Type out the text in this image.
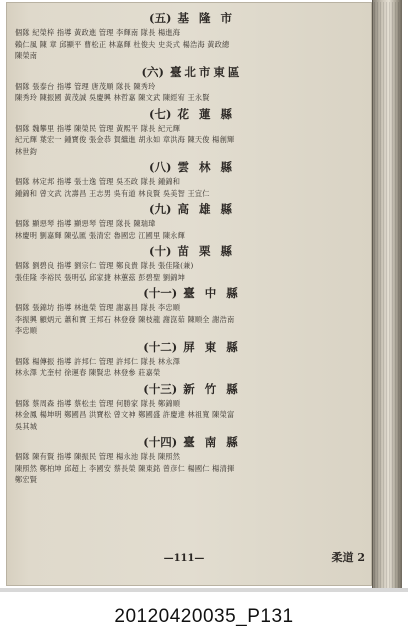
(五) 基 隆 市
個隊 紀榮梓 指導 黃政進 管理 李輝南 隊長 楊進海
賴仁風 陳 章 邱顯平 曹松正 林嘉輝 杜俊夫 史炎式 楊浩海 黃政總
陳榮南
(六) 臺北市東區
個隊 張泰台 指導 管理 唐茂順 隊長 陳秀玲
陳秀玲 陳振國 黃茂誠 吳慶興 林哲嘉 陳文武 陳經宥 王永賢
(七) 花 蓮 縣
個隊 魏攀里 指導 陳榮民 管理 黃熙平 隊長 紀元輝
紀元輝 葉宏一 鍾寶俊 張金恭 賀繼進 胡永如 章洪海 陳天俊 楊創輝
林世鈞
(八) 雲 林 縣
個隊 林定邦 指導 張士逸 管理 吳丕政 隊長 鍾錦和
鍾錦和 曾文武 沈壽昌 王志男 吳有道 林良賢 吳美智 王宜仁
(九) 高 雄 縣
個隊 顯惡琴 指導 顯惡琴 管理 隊長 陳瑞瑋
林慶明 劉嘉輝 陳弘匯 張清宏 魯國忠 江國里 陳永輝
(十) 苗 栗 縣
個隊 劉碧良 指導 劉宗仁 管理 鄭良貴 隊長 張佳隆(兼)
張佳隆 李裕民 張明弘 邱家捷 林蕙茲 彭碧聖 劉錦坤
(十一) 臺 中 縣
個隊 張錦坊 指導 林進榮 管理 謝嘉昌 隊長 李忠順
李振興 顧炳元 蕭和寶 王邦石 林登發 陳枝龍 謝崑茹 陳順全 謝浩南
李忠順
(十二) 屏 東 縣
個隊 楊傳振 指導 許邦仁 管理 許邦仁 隊長 林永澤
林永澤 尤奎村 徐運春 陳賢忠 林登參 莊嘉榮
(十三) 新 竹 縣
個隊 蔡周森 指導 蔡松圭 管理 何勝家 隊長 鄭錦順
林金鳳 楊坤明 鄭國昌 洪寶松 曾文神 鄭國盛 許慶達 林祖寬 陳榮富
吳其城
(十四) 臺 南 縣
個隊 陳有賢 指導 陳振民 管理 楊永池 隊長 陳照然
陳照然 鄭柏坤 邱超上 李國安 蔡長榮 陳東銘 曾彦仁 楊國仁 楊清揮
鄭宏賢
—111—	柔道 2
20120420035_P131
